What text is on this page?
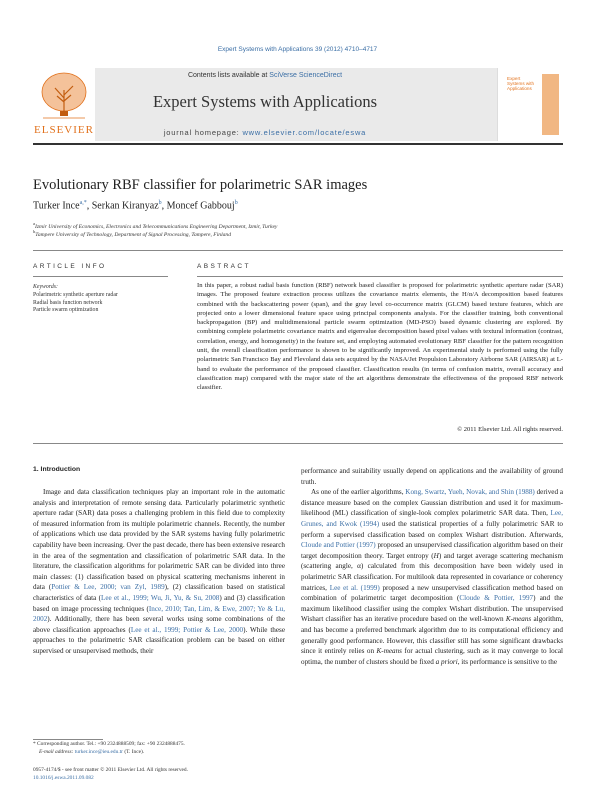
Expert Systems with Applications 39 (2012) 4710–4717
ELSEVIER
Contents lists available at SciVerse ScienceDirect
Expert Systems with Applications
journal homepage: www.elsevier.com/locate/eswa
Expert Systems with Applications
Evolutionary RBF classifier for polarimetric SAR images
Turker Ince$^{a,*}$, Serkan Kiranyaz$^b$, Moncef Gabbouj$^b$
$^a$Izmir University of Economics, Electronics and Telecommunications Engineering Department, Izmir, Turkey
$^b$Tampere University of Technology, Department of Signal Processing, Tampere, Finland
ARTICLE INFO
Keywords:
Polarimetric synthetic aperture radar
Radial basis function network
Particle swarm optimization
ABSTRACT
In this paper, a robust radial basis function (RBF) network based classifier is proposed for polarimetric synthetic aperture radar (SAR) images. The proposed feature extraction process utilizes the covariance matrix elements, the H/α/A decomposition based features combined with the backscattering power (span), and the gray level co-occurrence matrix (GLCM) based texture features, which are projected onto a lower dimensional feature space using principal components analysis. For the classifier training, both conventional backpropagation (BP) and multidimensional particle swarm optimization (MD-PSO) based dynamic clustering are explored. By combining complete polarimetric covariance matrix and eigenvalue decomposition based pixel values with textural information (contrast, correlation, energy, and homogeneity) in the feature set, and employing automated evolutionary RBF classifier for the pattern recognition unit, the overall classification performance is shown to be significantly improved. An experimental study is performed using the fully polarimetric San Francisco Bay and Flevoland data sets acquired by the NASA/Jet Propulsion Laboratory Airborne SAR (AIRSAR) at L-band to evaluate the performance of the proposed classifier. Classification results (in terms of confusion matrix, overall accuracy and classification map) compared with the major state of the art algorithms demonstrate the effectiveness of the proposed RBF network classifier.
© 2011 Elsevier Ltd. All rights reserved.
1. Introduction

Image and data classification techniques play an important role in the automatic analysis and interpretation of remote sensing data. Particularly polarimetric synthetic aperture radar (SAR) data poses a challenging problem in this field due to complexity of measured information from its multiple polarimetric channels. Recently, the number of applications which use data provided by the SAR systems having fully polarimetric capability have been increasing. Over the past decade, there has been extensive research in the area of the segmentation and classification of polarimetric SAR data. In the literature, the classification algorithms for polarimetric SAR can be divided into three main classes: (1) classification based on physical scattering mechanisms inherent in data (Pottier & Lee, 2000; van Zyl, 1989), (2) classification based on statistical characteristics of data (Lee et al., 1999; Wu, Ji, Yu, & Su, 2008) and (3) classification based on image processing techniques (Ince, 2010; Tan, Lim, & Ewe, 2007; Ye & Lu, 2002). Additionally, there has been several works using some combinations of the above classification approaches (Lee et al., 1999; Pottier & Lee, 2000). While these approaches to the polarimetric SAR classification problem can be based on either supervised or unsupervised methods, their

performance and suitability usually depend on applications and the availability of ground truth.

As one of the earlier algorithms, Kong, Swartz, Yueh, Novak, and Shin (1988) derived a distance measure based on the complex Gaussian distribution and used it for maximum-likelihood (ML) classification of single-look complex polarimetric SAR data. Then, Lee, Grunes, and Kwok (1994) used the statistical properties of a fully polarimetric SAR to perform a supervised classification based on complex Wishart distribution. Afterwards, Cloude and Pottier (1997) proposed an unsupervised classification algorithm based on their target decomposition theory. Target entropy (H) and target average scattering mechanism (scattering angle, α) calculated from this decomposition have been widely used in polarimetric SAR classification. For multilook data represented in covariance or coherency matrices, Lee et al. (1999) proposed a new unsupervised classification method based on combination of polarimetric target decomposition (Cloude & Pottier, 1997) and the maximum likelihood classifier using the complex Wishart distribution. The unsupervised Wishart classifier has an iterative procedure based on the well-known K-means algorithm, and has become a preferred benchmark algorithm due to its computational efficiency and generally good performance. However, this classifier still has some significant drawbacks since it entirely relies on K-means for actual clustering, such as it may converge to local optima, the number of clusters should be fixed a priori, its performance is sensitive to the

* Corresponding author. Tel.: +90 2324888509; fax: +90 2324888475.
E-mail address: turker.ince@ieu.edu.tr (T. Ince).
0957-4174/$ - see front matter © 2011 Elsevier Ltd. All rights reserved.
10.1016/j.eswa.2011.09.082
